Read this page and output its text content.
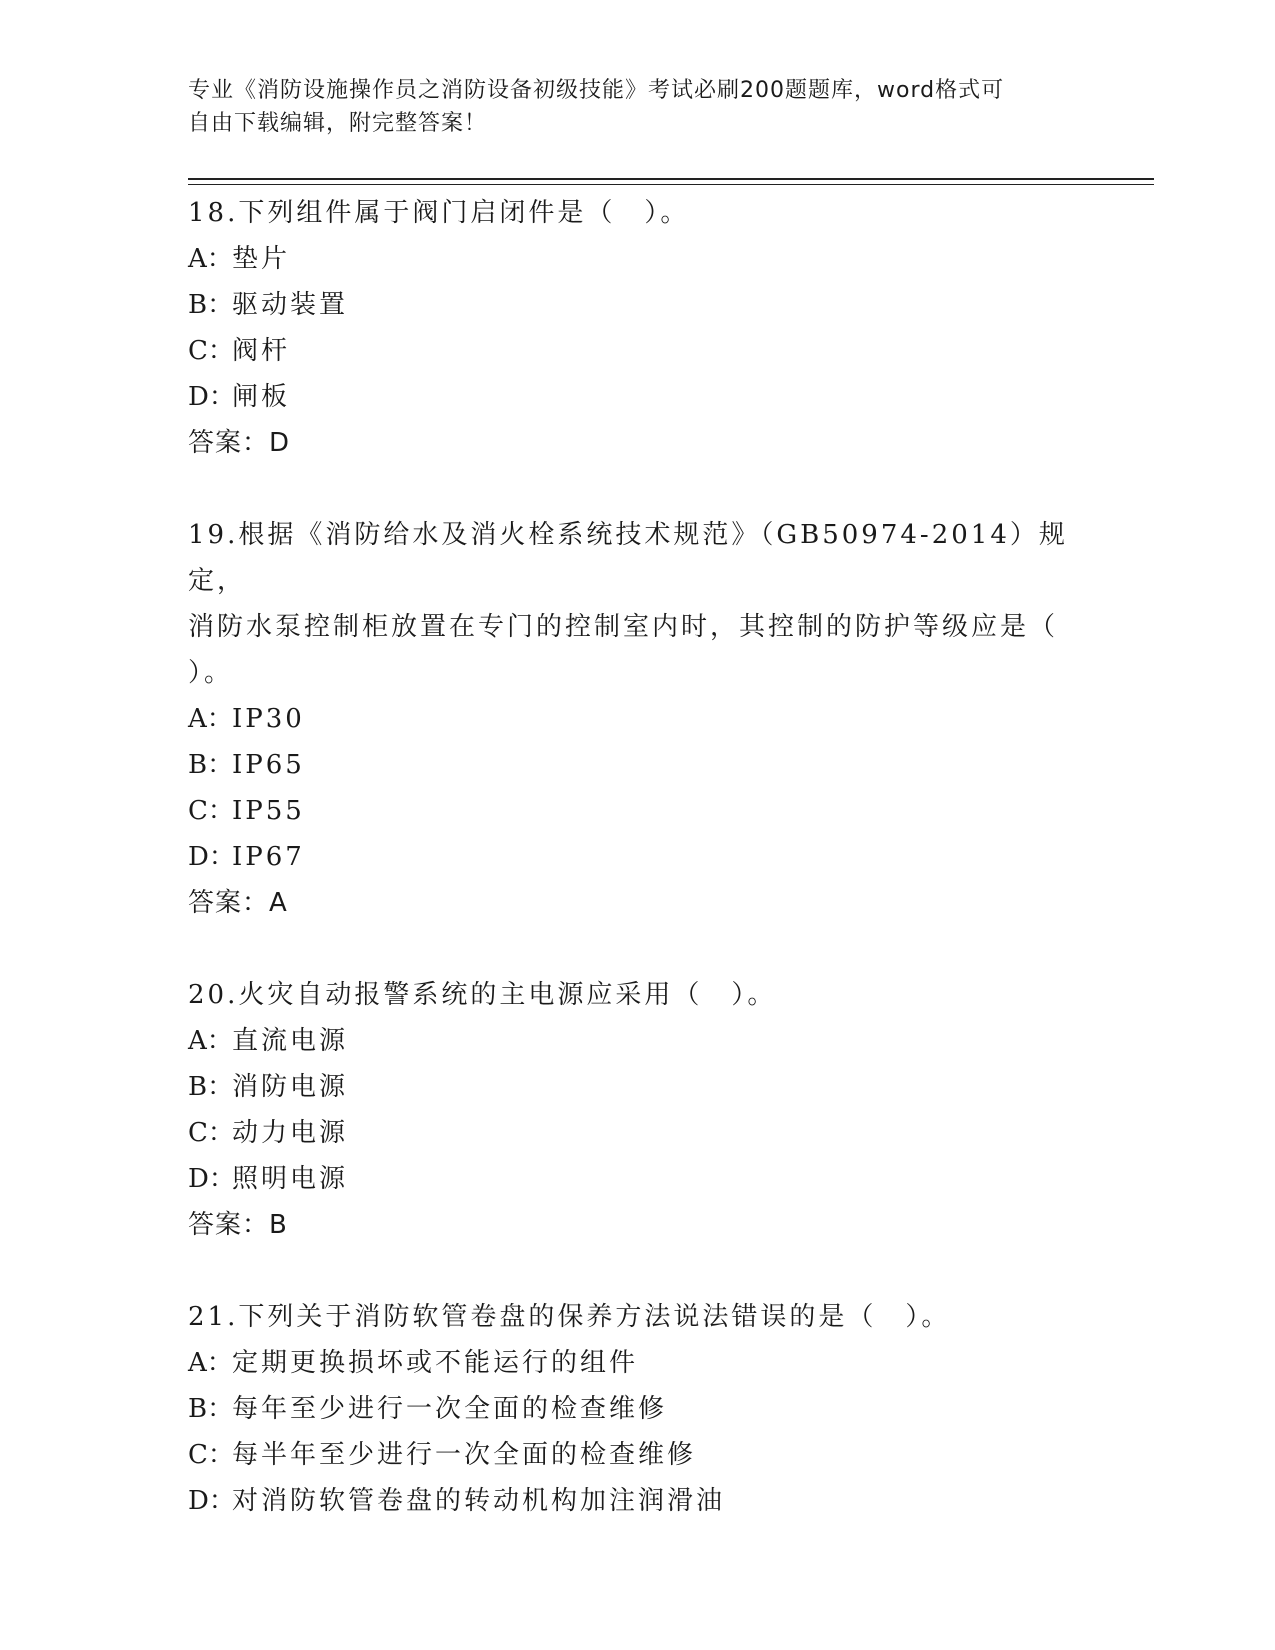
专业《消防设施操作员之消防设备初级技能》考试必刷200题题库，word格式可
自由下载编辑，附完整答案！
18.下列组件属于阀门启闭件是（　）。
A：垫片
B：驱动装置
C：阀杆
D：闸板
答案：D
19.根据《消防给水及消火栓系统技术规范》（GB50974-2014）规定，
消防水泵控制柜放置在专门的控制室内时，其控制的防护等级应是（
）。
A：IP30
B：IP65
C：IP55
D：IP67
答案：A
20.火灾自动报警系统的主电源应采用（　）。
A：直流电源
B：消防电源
C：动力电源
D：照明电源
答案：B
21.下列关于消防软管卷盘的保养方法说法错误的是（　）。
A：定期更换损坏或不能运行的组件
B：每年至少进行一次全面的检查维修
C：每半年至少进行一次全面的检查维修
D：对消防软管卷盘的转动机构加注润滑油
